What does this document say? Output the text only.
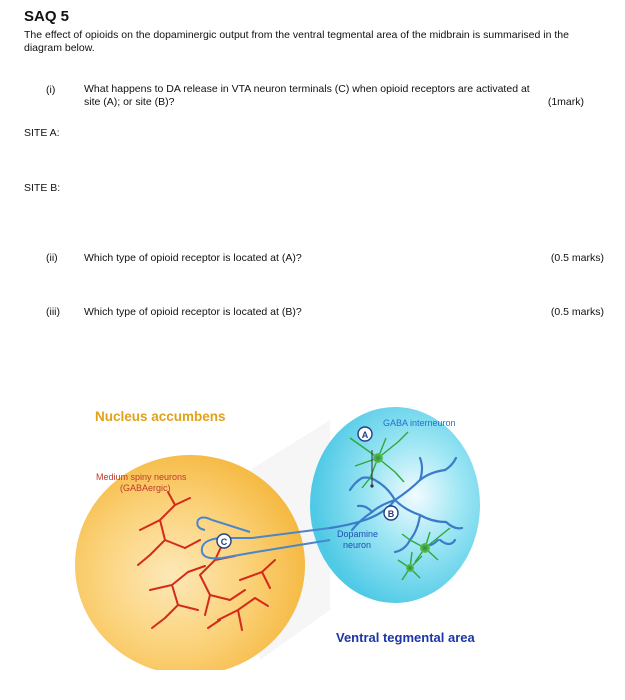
SAQ 5
The effect of opioids on the dopaminergic output from the ventral tegmental area of the midbrain is summarised in the diagram below.
(i)	What happens to DA release in VTA neuron terminals (C) when opioid receptors are activated at
site (A); or site (B)?	(1mark)
SITE A:
SITE B:
(ii)	Which type of opioid receptor is located at (A)?	(0.5 marks)
(iii) Which type of opioid receptor is located at (B)?	(0.5 marks)
A
B
C
Nucleus accumbens
Medium spiny neurons
(GABAergic)
GABA interneuron
Dopamine
neuron
Ventral tegmental area
